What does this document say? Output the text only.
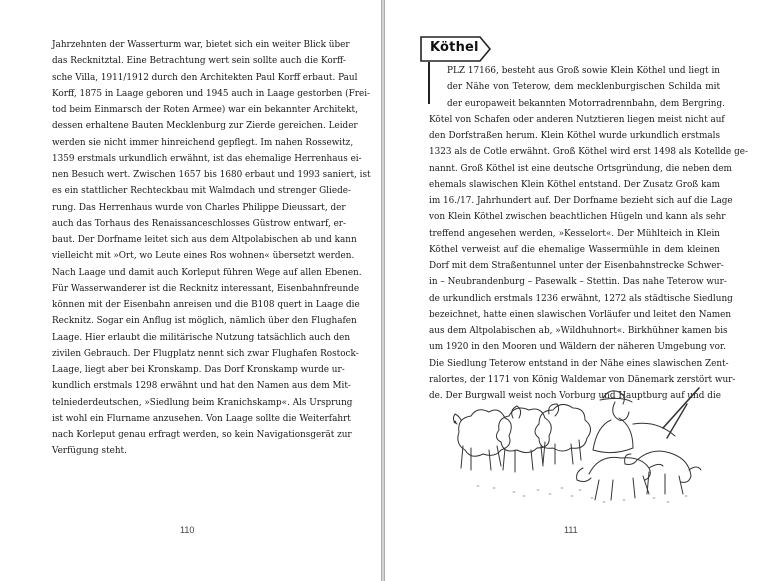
Jahrzehnten der Wasserturm war, bietet sich ein weiter Blick über
das Recknitztal. Eine Betrachtung wert sein sollte auch die Korff-
sche Villa, 1911/1912 durch den Architekten Paul Korff erbaut. Paul
Korff, 1875 in Laage geboren und 1945 auch in Laage gestorben (Frei-
tod beim Einmarsch der Roten Armee) war ein bekannter Architekt,
dessen erhaltene Bauten Mecklenburg zur Zierde gereichen. Leider
werden sie nicht immer hinreichend gepflegt. Im nahen Rossewitz,
1359 erstmals urkundlich erwähnt, ist das ehemalige Herrenhaus ei-
nen Besuch wert. Zwischen 1657 bis 1680 erbaut und 1993 saniert, ist
es ein stattlicher Rechteckbau mit Walmdach und strenger Gliede-
rung. Das Herrenhaus wurde von Charles Philippe Dieussart, der
auch das Torhaus des Renaissanceschlosses Güstrow entwarf, er-
baut. Der Dorfname leitet sich aus dem Altpolabischen ab und kann
vielleicht mit »Ort, wo Leute eines Ros wohnen« übersetzt werden.
Nach Laage und damit auch Korleput führen Wege auf allen Ebenen.
Für Wasserwanderer ist die Recknitz interessant, Eisenbahnfreunde
können mit der Eisenbahn anreisen und die B108 quert in Laage die
Recknitz. Sogar ein Anflug ist möglich, nämlich über den Flughafen
Laage. Hier erlaubt die militärische Nutzung tatsächlich auch den
zivilen Gebrauch. Der Flugplatz nennt sich zwar Flughafen Rostock-
Laage, liegt aber bei Kronskamp. Das Dorf Kronskamp wurde ur-
kundlich erstmals 1298 erwähnt und hat den Namen aus dem Mit-
telniederdeutschen, »Siedlung beim Kranichskamp«. Als Ursprung
ist wohl ein Flurname anzusehen. Von Laage sollte die Weiterfahrt
nach Korleput genau erfragt werden, so kein Navigationsgerät zur
Verfügung steht.
110
Köthel
PLZ 17166, besteht aus Groß sowie Klein Köthel und liegt in
der Nähe von Teterow, dem mecklenburgischen Schilda mit
der europaweit bekannten Motorradrennbahn, dem Bergring.
Kötel von Schafen oder anderen Nutztieren liegen meist nicht auf
den Dorfstraßen herum. Klein Köthel wurde urkundlich erstmals
1323 als de Cotle erwähnt. Groß Köthel wird erst 1498 als Kotellde ge-
nannt. Groß Köthel ist eine deutsche Ortsgründung, die neben dem
ehemals slawischen Klein Köthel entstand. Der Zusatz Groß kam
im 16./17. Jahrhundert auf. Der Dorfname bezieht sich auf die Lage
von Klein Köthel zwischen beachtlichen Hügeln und kann als sehr
treffend angesehen werden, »Kesselort«. Der Mühlteich in Klein
Köthel verweist auf die ehemalige Wassermühle in dem kleinen
Dorf mit dem Straßentunnel unter der Eisenbahnstrecke Schwer-
in – Neubrandenburg – Pasewalk – Stettin. Das nahe Teterow wur-
de urkundlich erstmals 1236 erwähnt, 1272 als städtische Siedlung
bezeichnet, hatte einen slawischen Vorläufer und leitet den Namen
aus dem Altpolabischen ab, »Wildhuhnort«. Birkhühner kamen bis
um 1920 in den Mooren und Wäldern der näheren Umgebung vor.
Die Siedlung Teterow entstand in der Nähe eines slawischen Zent-
ralortes, der 1171 von König Waldemar von Dänemark zerstört wur-
de. Der Burgwall weist noch Vorburg und Hauptburg auf und die
111
